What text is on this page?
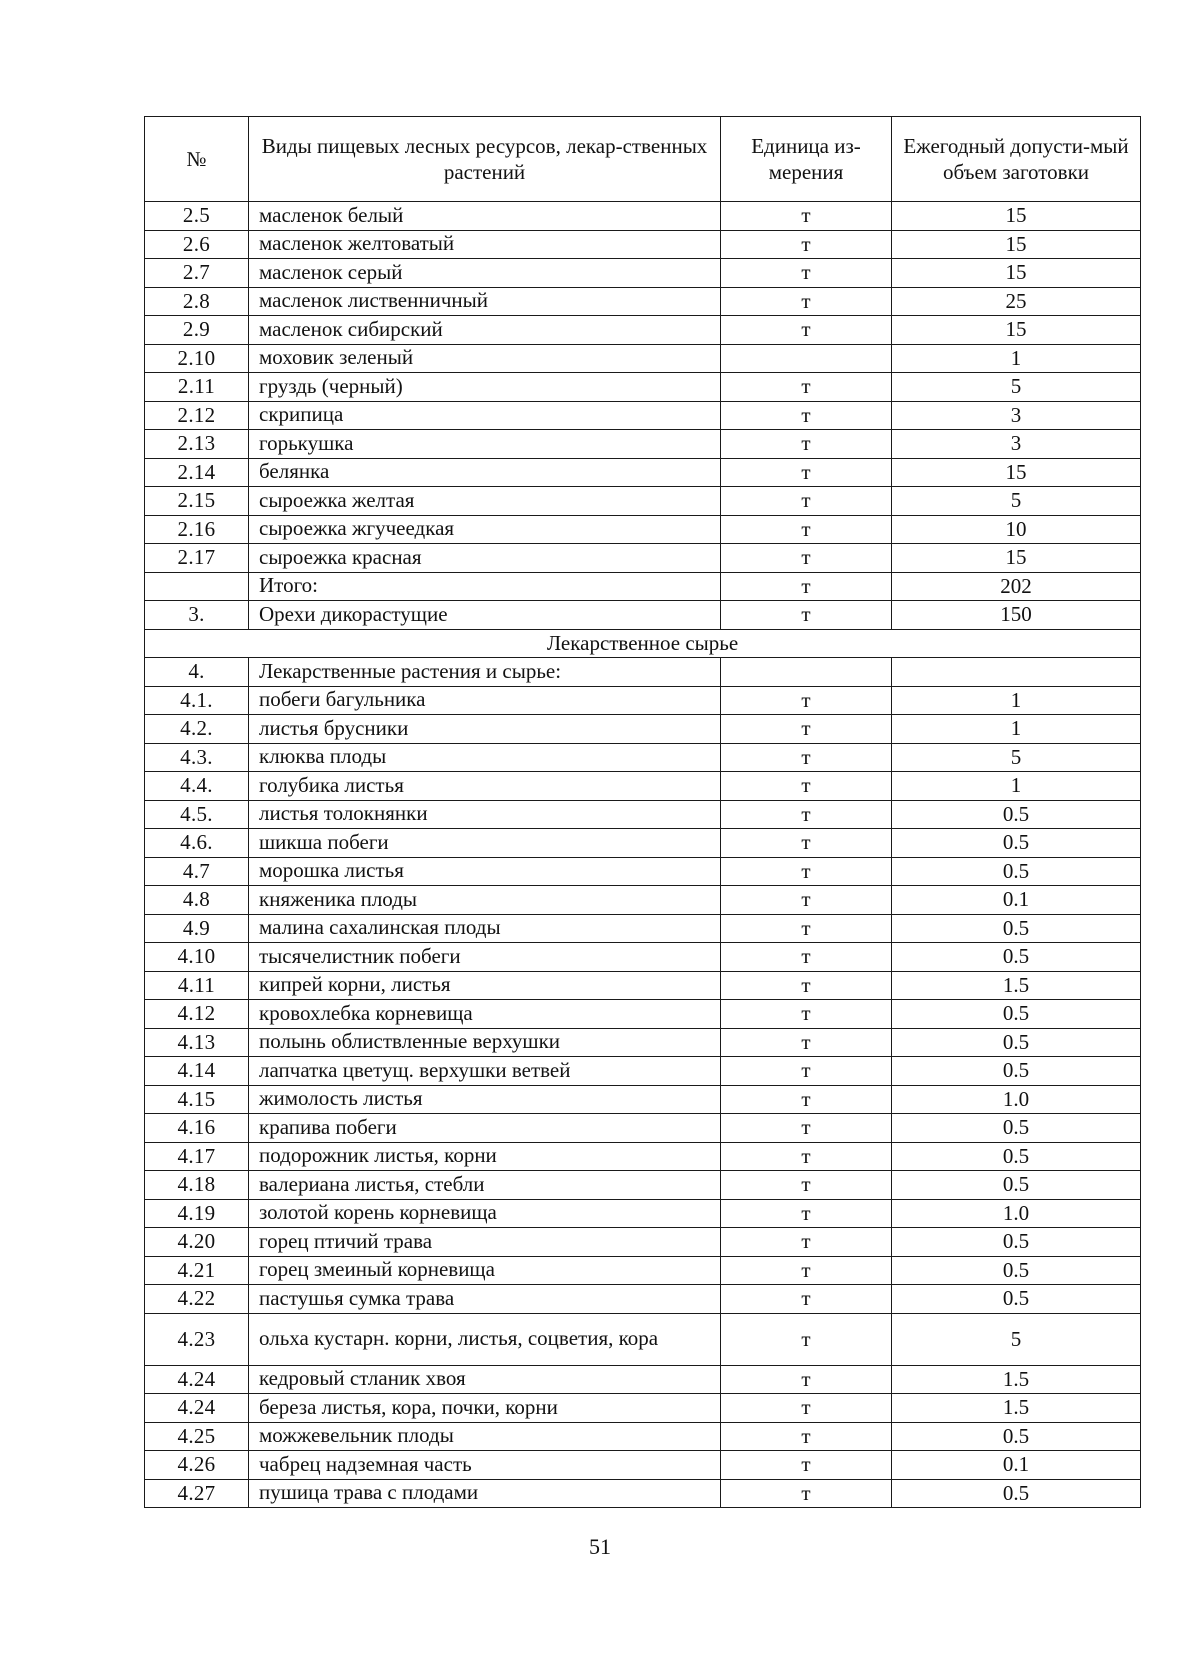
№	Виды пищевых лесных ресурсов, лекар-ственных растений	Единица из-мерения	Ежегодный допусти-мый объем заготовки
2.5	масленок белый	т	15
2.6	масленок желтоватый	т	15
2.7	масленок серый	т	15
2.8	масленок лиственничный	т	25
2.9	масленок сибирский	т	15
2.10	моховик зеленый		1
2.11	груздь (черный)	т	5
2.12	скрипица	т	3
2.13	горькушка	т	3
2.14	белянка	т	15
2.15	сыроежка желтая	т	5
2.16	сыроежка жгучеедкая	т	10
2.17	сыроежка красная	т	15
	Итого:	т	202
3.	Орехи дикорастущие	т	150
Лекарственное сырье			
4.	Лекарственные растения и сырье:		
4.1.	побеги багульника	т	1
4.2.	листья брусники	т	1
4.3.	клюква плоды	т	5
4.4.	голубика листья	т	1
4.5.	листья толокнянки	т	0.5
4.6.	шикша побеги	т	0.5
4.7	морошка листья	т	0.5
4.8	княженика плоды	т	0.1
4.9	малина сахалинская плоды	т	0.5
4.10	тысячелистник побеги	т	0.5
4.11	кипрей корни, листья	т	1.5
4.12	кровохлебка корневища	т	0.5
4.13	полынь облиствленные верхушки	т	0.5
4.14	лапчатка цветущ. верхушки ветвей	т	0.5
4.15	жимолость листья	т	1.0
4.16	крапива побеги	т	0.5
4.17	подорожник листья, корни	т	0.5
4.18	валериана листья, стебли	т	0.5
4.19	золотой корень корневища	т	1.0
4.20	горец птичий трава	т	0.5
4.21	горец змеиный корневища	т	0.5
4.22	пастушья сумка трава	т	0.5
4.23	ольха кустарн. корни, листья, соцветия, кора	т	5
4.24	кедровый стланик хвоя	т	1.5
4.24	береза листья, кора, почки, корни	т	1.5
4.25	можжевельник плоды	т	0.5
4.26	чабрец надземная часть	т	0.1
4.27	пушица трава с плодами	т	0.5
51
